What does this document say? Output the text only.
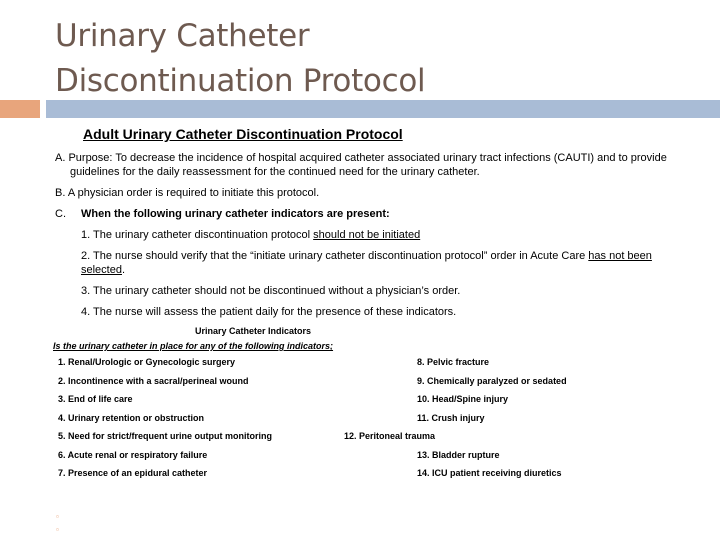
Urinary Catheter
Discontinuation Protocol
Adult Urinary Catheter Discontinuation Protocol
A. Purpose: To decrease the incidence of hospital acquired catheter associated urinary tract infections (CAUTI) and to provide guidelines for the daily reassessment for the continued need for the urinary catheter.
B. A physician order is required to initiate this protocol.
C. When the following urinary catheter indicators are present:
1. The urinary catheter discontinuation protocol should not be initiated
2. The nurse should verify that the “initiate urinary catheter discontinuation protocol” order in Acute Care has not been selected.
3. The urinary catheter should not be discontinued without a physician’s order.
4. The nurse will assess the patient daily for the presence of these indicators.
Urinary Catheter Indicators
Is the urinary catheter in place for any of the following indicators;
1. Renal/Urologic or Gynecologic surgery	8. Pelvic fracture
2. Incontinence with a sacral/perineal wound	9. Chemically paralyzed or sedated
3. End of life care	10. Head/Spine injury
4. Urinary retention or obstruction	11. Crush injury
5. Need for strict/frequent urine output monitoring	12. Peritoneal trauma
6. Acute renal or respiratory failure	13. Bladder rupture
7. Presence of an epidural catheter	14. ICU patient receiving diuretics
▫
▫
